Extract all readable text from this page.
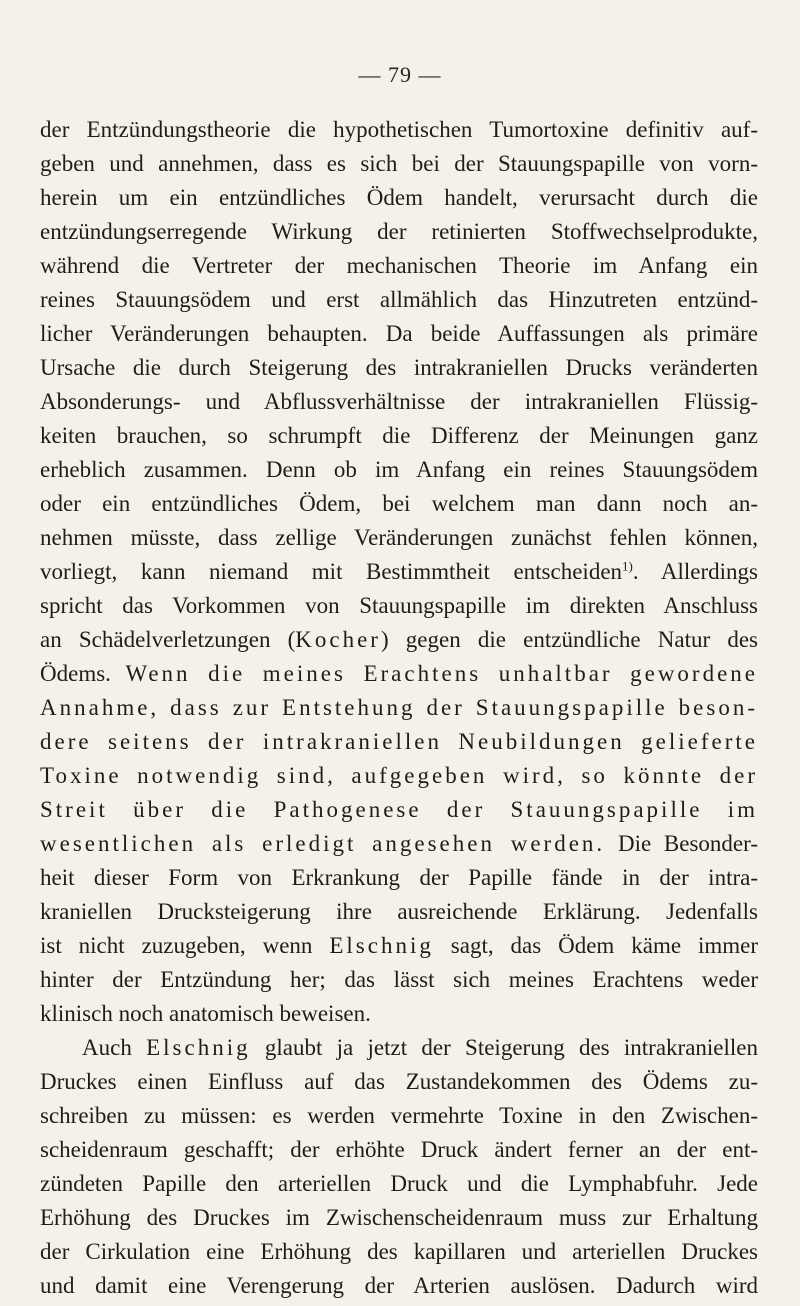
— 79 —
der Entzündungstheorie die hypothetischen Tumortoxine definitiv auf-
geben und annehmen, dass es sich bei der Stauungspapille von vorn-
herein um ein entzündliches Ödem handelt, verursacht durch die
entzündungserregende Wirkung der retinierten Stoffwechselprodukte,
während die Vertreter der mechanischen Theorie im Anfang ein
reines Stauungsödem und erst allmählich das Hinzutreten entzünd-
licher Veränderungen behaupten. Da beide Auffassungen als primäre
Ursache die durch Steigerung des intrakraniellen Drucks veränderten
Absonderungs- und Abflussverhältnisse der intrakraniellen Flüssig-
keiten brauchen, so schrumpft die Differenz der Meinungen ganz
erheblich zusammen. Denn ob im Anfang ein reines Stauungsödem
oder ein entzündliches Ödem, bei welchem man dann noch an-
nehmen müsste, dass zellige Veränderungen zunächst fehlen können,
vorliegt, kann niemand mit Bestimmtheit entscheiden$^{1)}$. Allerdings
spricht das Vorkommen von Stauungspapille im direkten Anschluss
an Schädelverletzungen (Kocher) gegen die entzündliche Natur des
Ödems. Wenn die meines Erachtens unhaltbar gewordene
Annahme, dass zur Entstehung der Stauungspapille beson-
dere seitens der intrakraniellen Neubildungen gelieferte
Toxine notwendig sind, aufgegeben wird, so könnte der
Streit über die Pathogenese der Stauungspapille im
wesentlichen als erledigt angesehen werden. Die Besonder-
heit dieser Form von Erkrankung der Papille fände in der intra-
kraniellen Drucksteigerung ihre ausreichende Erklärung. Jedenfalls
ist nicht zuzugeben, wenn Elschnig sagt, das Ödem käme immer
hinter der Entzündung her; das lässt sich meines Erachtens weder
klinisch noch anatomisch beweisen.
Auch Elschnig glaubt ja jetzt der Steigerung des intrakraniellen
Druckes einen Einfluss auf das Zustandekommen des Ödems zu-
schreiben zu müssen: es werden vermehrte Toxine in den Zwischen-
scheidenraum geschafft; der erhöhte Druck ändert ferner an der ent-
zündeten Papille den arteriellen Druck und die Lymphabfuhr. Jede
Erhöhung des Druckes im Zwischenscheidenraum muss zur Erhaltung
der Cirkulation eine Erhöhung des kapillaren und arteriellen Druckes
und damit eine Verengerung der Arterien auslösen. Dadurch wird
